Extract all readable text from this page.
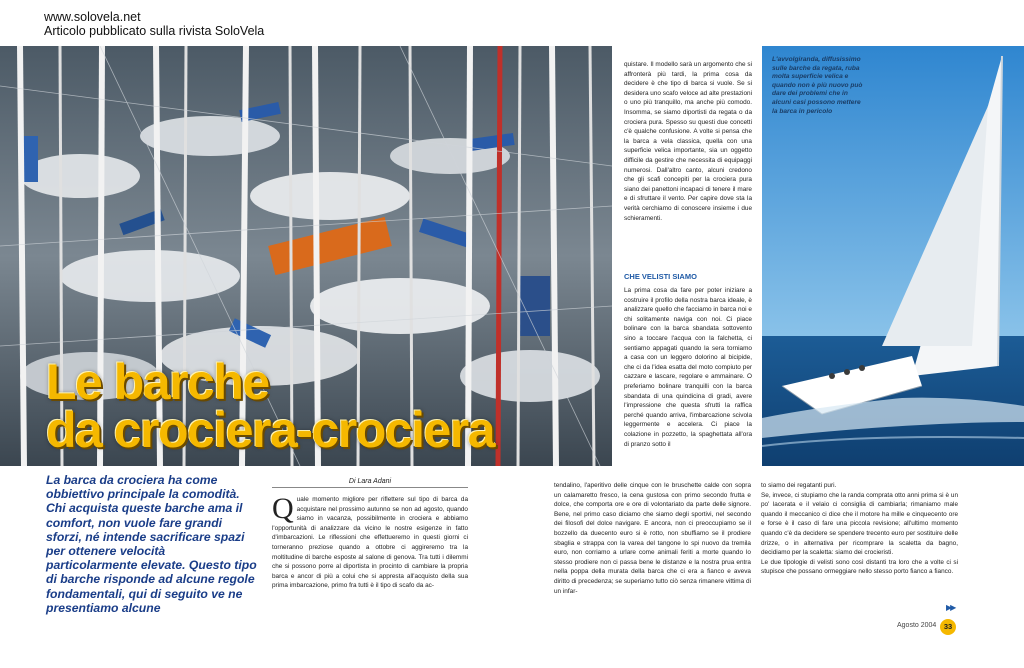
www.solovela.net
Articolo pubblicato sulla rivista SoloVela
Le barche
da crociera-crociera
L'avvolgiranda, diffusissimo sulle barche da regata, ruba molta superficie velica e quando non è più nuovo può dare dei problemi che in alcuni casi possono mettere la barca in pericolo

quistare. Il modello sarà un argomento che si affronterà più tardi, la prima cosa da decidere è che tipo di barca si vuole. Se si desidera uno scafo veloce ad alte prestazioni o uno più tranquillo, ma anche più comodo. Insomma, se siamo diportisti da regata o da crociera pura. Spesso su questi due concetti c'è qualche confusione. A volte si pensa che la barca a vela classica, quella con una superficie velica importante, sia un oggetto difficile da gestire che necessita di equipaggi numerosi. Dall'altro canto, alcuni credono che gli scafi concepiti per la crociera pura siano dei panettoni incapaci di tenere il mare e di sfruttare il vento. Per capire dove sta la verità cerchiamo di conoscere insieme i due schieramenti.

CHE VELISTI SIAMO

La prima cosa da fare per poter iniziare a costruire il profilo della nostra barca ideale, è analizzare quello che facciamo in barca noi e chi solitamente naviga con noi. Ci piace bolinare con la barca sbandata sottovento sino a toccare l'acqua con la falchetta, ci sentiamo appagati quando la sera torniamo a casa con un leggero dolorino al bicipide, che ci da l'idea esatta del moto compiuto per cazzare e lascare, regolare e ammainare. O preferiamo bolinare tranquilli con la barca sbandata di una quindicina di gradi, avere l'impressione che questa sfrutti la raffica perché quando arriva, l'imbarcazione scivola leggermente e accelera. Ci piace la colazione in pozzetto, la spaghettata all'ora di pranzo sotto il

La barca da crociera ha come obbiettivo principale la comodità. Chi acquista queste barche ama il comfort, non vuole fare grandi sforzi, né intende sacrificare spazi per ottenere velocità particolarmente elevate. Questo tipo di barche risponde ad alcune regole fondamentali, qui di seguito ve ne presentiamo alcune
Di Lara Adani
Q uale momento migliore per riflettere sul tipo di barca da acquistare nel prossimo autunno se non ad agosto, quando siamo in vacanza, possibilmente in crociera e abbiamo l'opportunità di analizzare da vicino le nostre esigenze in fatto d'imbarcazioni. Le riflessioni che effettueremo in questi giorni ci torneranno preziose quando a ottobre ci aggireremo tra la moltitudine di barche esposte al salone di genova. Tra tutti i dilemmi che si possono porre al diportista in procinto di cambiare la propria barca e ancor di più a colui che si appresta all'acquisto della sua prima imbarcazione, primo fra tutti è il tipo di scafo da ac-

tendalino, l'aperitivo delle cinque con le bruschette calde con sopra un calamaretto fresco, la cena gustosa con primo secondo frutta e dolce, che comporta ore e ore di volontariato da parte delle signore. Bene, nel primo caso diciamo che siamo degli sportivi, nel secondo dei filosofi del dolce navigare. E ancora, non ci preoccupiamo se il bozzello da duecento euro si è rotto, non sbuffiamo se il prodiere sbaglia e strappa con la varea del tangone lo spi nuovo da tremila euro, non corriamo a urlare come animali feriti a morte quando lo stesso prodiere non ci passa bene le distanze e la nostra prua entra nella poppa della murata della barca che ci era a fianco e aveva diritto di precedenza; se superiamo tutto ciò senza rimanere vittima di un infar-

to siamo dei regatanti puri.

Se, invece, ci stupiamo che la randa comprata otto anni prima si è un po' lacerata e il velaio ci consiglia di cambiarla; rimaniamo male quando il meccanico ci dice che il motore ha mille e cinquecento ore e forse è il caso di fare una piccola revisione; all'ultimo momento quando c'è da decidere se spendere trecento euro per sostituire delle drizze, o in alternativa per ricomprare la scaletta da bagno, decidiamo per la scaletta: siamo dei crocieristi.

Le due tipologie di velisti sono così distanti tra loro che a volte ci si stupisce che possano ormeggiare nello stesso porto fianco a fianco.

▶▶
Agosto 2004	33
